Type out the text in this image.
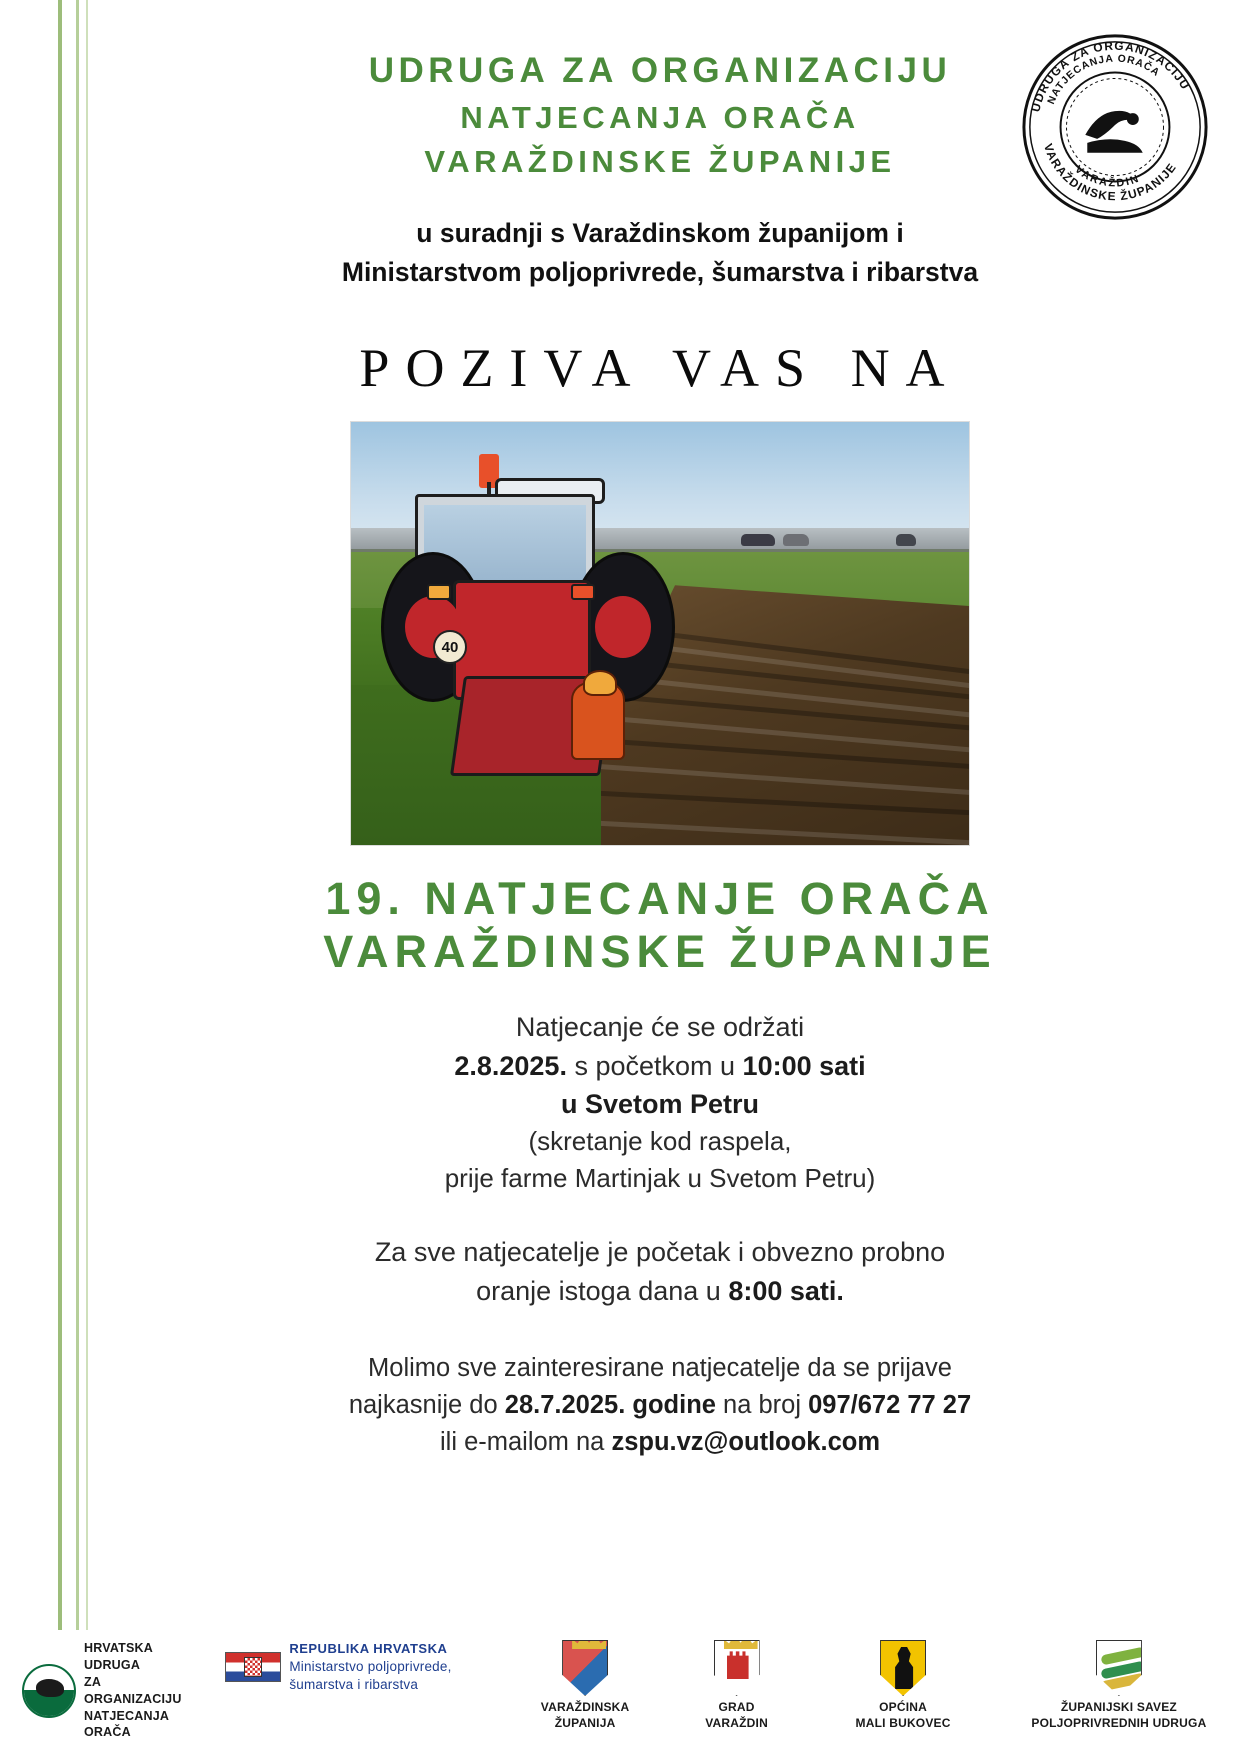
UDRUGA ZA ORGANIZACIJU
NATJECANJA ORAČA
VARAŽDINSKE ŽUPANIJE
UDRUGA ZA ORGANIZACIJU
NATJECANJA ORAČA
VARAŽDINSKE ŽUPANIJE
VARAŽDIN
u suradnji s Varaždinskom županijom i
Ministarstvom poljoprivrede, šumarstva i ribarstva
POZIVA VAS NA
40
19. NATJECANJE ORAČA
VARAŽDINSKE ŽUPANIJE
Natjecanje će se održati
2.8.2025. s početkom u 10:00 sati
u Svetom Petru
(skretanje kod raspela,
prije farme Martinjak u Svetom Petru)
Za sve natjecatelje je početak i obvezno probno
oranje istoga dana u 8:00 sati.
Molimo sve zainteresirane natjecatelje da se prijave
najkasnije do 28.7.2025. godine na broj 097/672 77 27
ili e-mailom na zspu.vz@outlook.com
HRVATSKA UDRUGA
ZA ORGANIZACIJU
NATJECANJA ORAČA
REPUBLIKA HRVATSKA
Ministarstvo poljoprivrede,
šumarstva i ribarstva
VARAŽDINSKA
ŽUPANIJA
GRAD
VARAŽDIN
OPĆINA
MALI BUKOVEC
ŽUPANIJSKI SAVEZ
POLJOPRIVREDNIH UDRUGA
